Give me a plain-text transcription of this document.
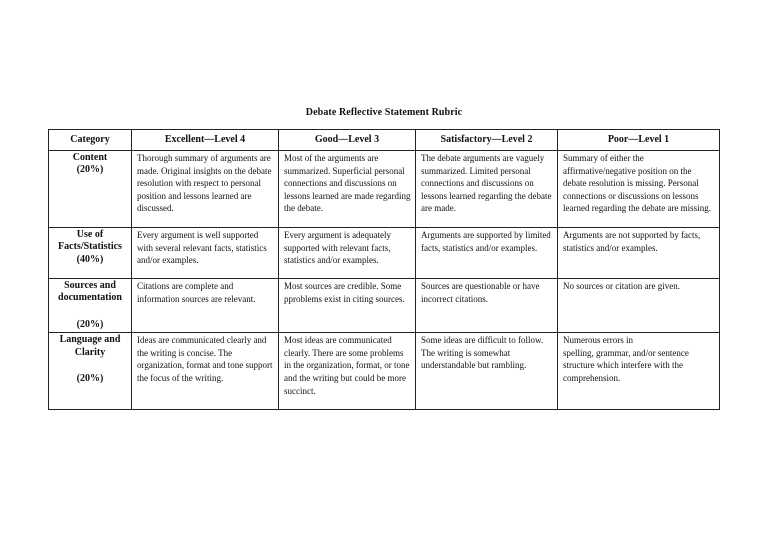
Debate Reflective Statement Rubric
Category	Excellent—Level 4	Good—Level 3	Satisfactory—Level 2	Poor—Level 1

Content
(20%)	Thorough summary of arguments are made. Original insights on the debate resolution with respect to personal position and lessons learned are discussed.	Most of the arguments are summarized. Superficial personal connections and discussions on lessons learned are made regarding the debate.	The debate arguments are vaguely summarized. Limited personal connections and discussions on lessons learned regarding the debate are made.	Summary of either the affirmative/negative position on the debate resolution is missing. Personal connections or discussions on lessons learned regarding the debate are missing.

Use of Facts/Statistics
(40%)	Every argument is well supported with several relevant facts, statistics and/or examples.	Every argument is adequately supported with relevant facts, statistics and/or examples.	Arguments are supported by limited facts, statistics and/or examples.	Arguments are not supported by facts, statistics and/or examples.

Sources and documentation
(20%)	Citations are complete and information sources are relevant.	Most sources are credible. Some pproblems exist in citing sources.	Sources are questionable or have incorrect citations.	No sources or citation are given.

Language and Clarity
(20%)	Ideas are communicated clearly and the writing is concise. The organization, format and tone support the focus of the writing.	Most ideas are communicated clearly. There are some problems in the organization, format, or tone and the writing but could be more succinct.	Some ideas are difficult to follow. The writing is somewhat understandable but rambling.	Numerous errors in
spelling, grammar, and/or sentence
structure which interfere with the comprehension.
